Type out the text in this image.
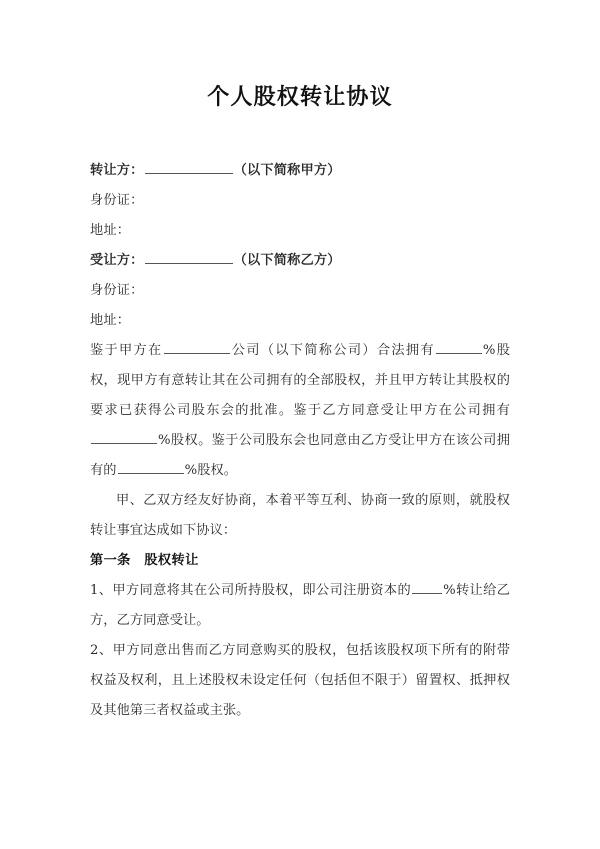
个人股权转让协议
转让方：	（以下简称甲方）
身份证：
地址：
受让方：	（以下简称乙方）
身份证：
地址：

鉴于甲方在	公司（以下简称公司）合法拥有	%股权，现甲方有意转让其在公司拥有的全部股权，并且甲方转让其股权的要求已获得公司股东会的批准。鉴于乙方同意受让甲方在公司拥有%股权。鉴于公司股东会也同意由乙方受让甲方在该公司拥有的	%股权。

甲、乙双方经友好协商，本着平等互利、协商一致的原则，就股权转让事宜达成如下协议：

第一条　股权转让

1、甲方同意将其在公司所持股权，即公司注册资本的 %转让给乙方，乙方同意受让。

2、甲方同意出售而乙方同意购买的股权，包括该股权项下所有的附带权益及权利，且上述股权未设定任何（包括但不限于）留置权、抵押权及其他第三者权益或主张。
